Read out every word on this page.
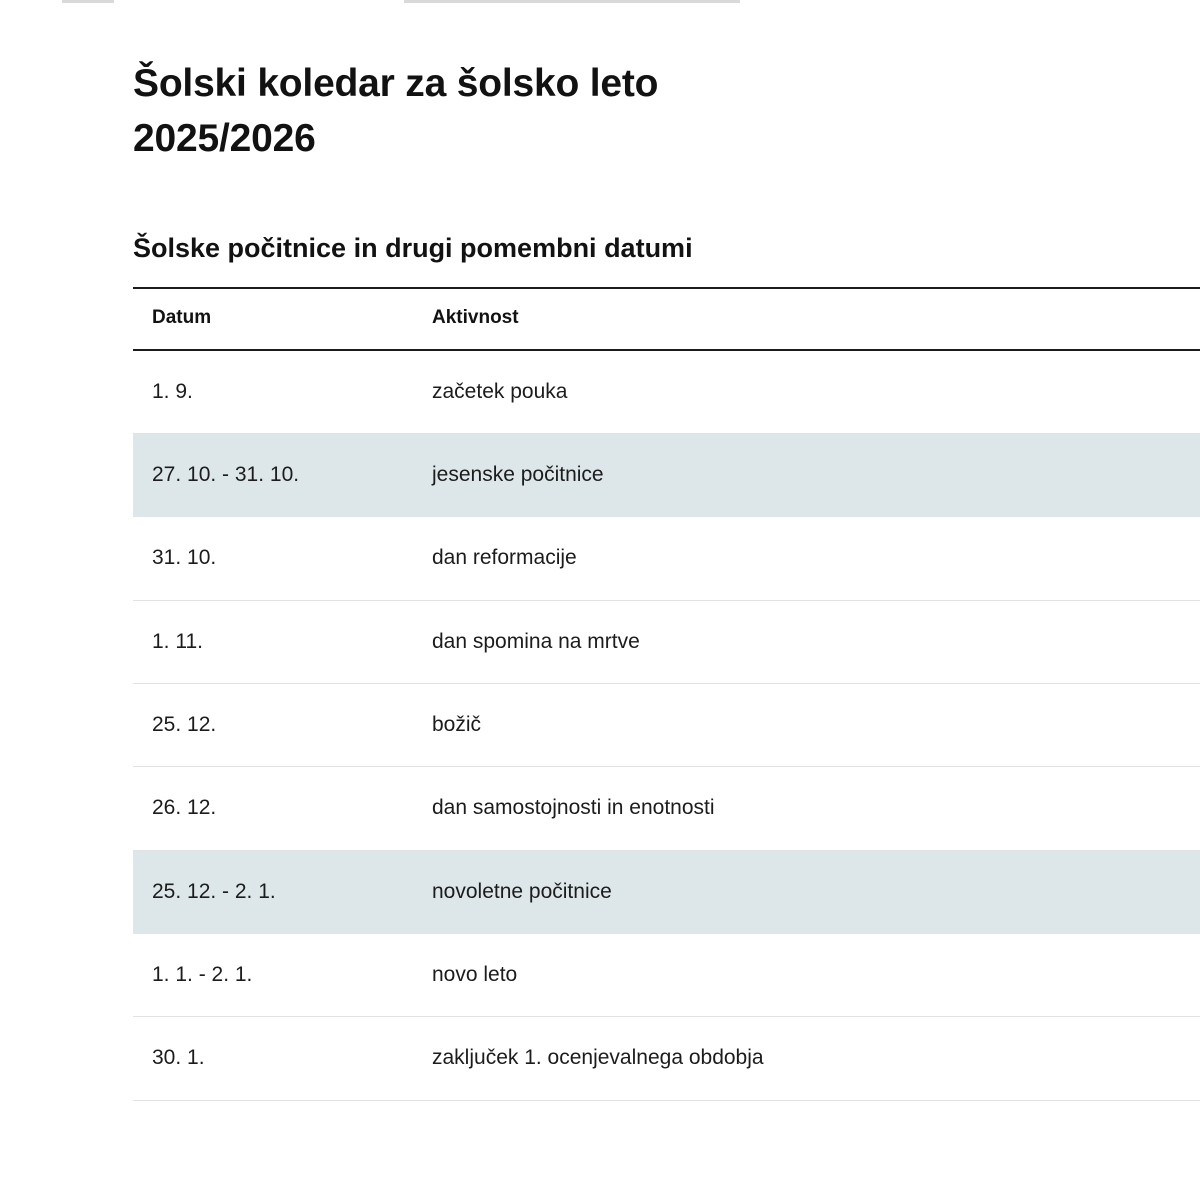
Šolski koledar za šolsko leto 2025/2026
Šolske počitnice in drugi pomembni datumi
Datum	Aktivnost
1. 9.	začetek pouka
27. 10. - 31. 10.	jesenske počitnice
31. 10.	dan reformacije
1. 11.	dan spomina na mrtve
25. 12.	božič
26. 12.	dan samostojnosti in enotnosti
25. 12. - 2. 1.	novoletne počitnice
1. 1. - 2. 1.	novo leto
30. 1.	zaključek 1. ocenjevalnega obdobja
